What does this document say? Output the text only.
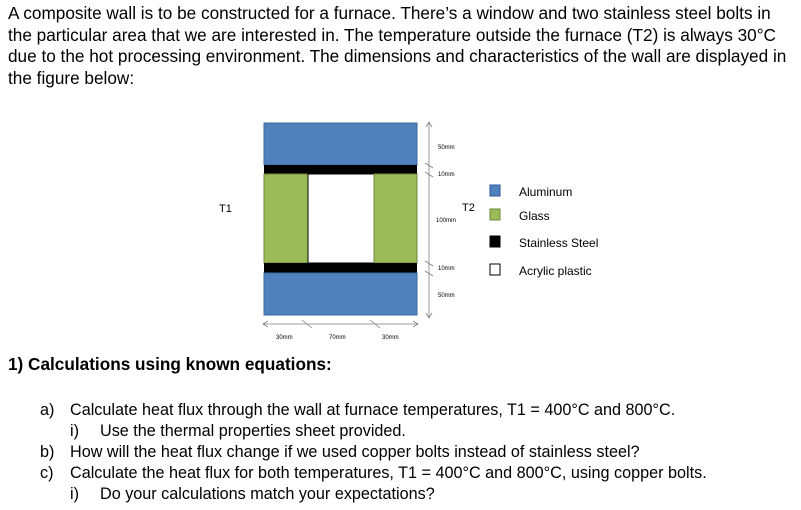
A composite wall is to be constructed for a furnace. There’s a window and two stainless steel bolts in the particular area that we are interested in. The temperature outside the furnace (T2) is always 30°C due to the hot processing environment. The dimensions and characteristics of the wall are displayed in the figure below:
T1	T2
50mm
10mm
100mm
10mm
50mm
30mm	70mm	30mm
Aluminum
Glass
Stainless Steel
Acrylic plastic
1) Calculations using known equations:
a) Calculate heat flux through the wall at furnace temperatures, T1 = 400°C and 800°C.
i) Use the thermal properties sheet provided.
b) How will the heat flux change if we used copper bolts instead of stainless steel?
c) Calculate the heat flux for both temperatures, T1 = 400°C and 800°C, using copper bolts.
i) Do your calculations match your expectations?
